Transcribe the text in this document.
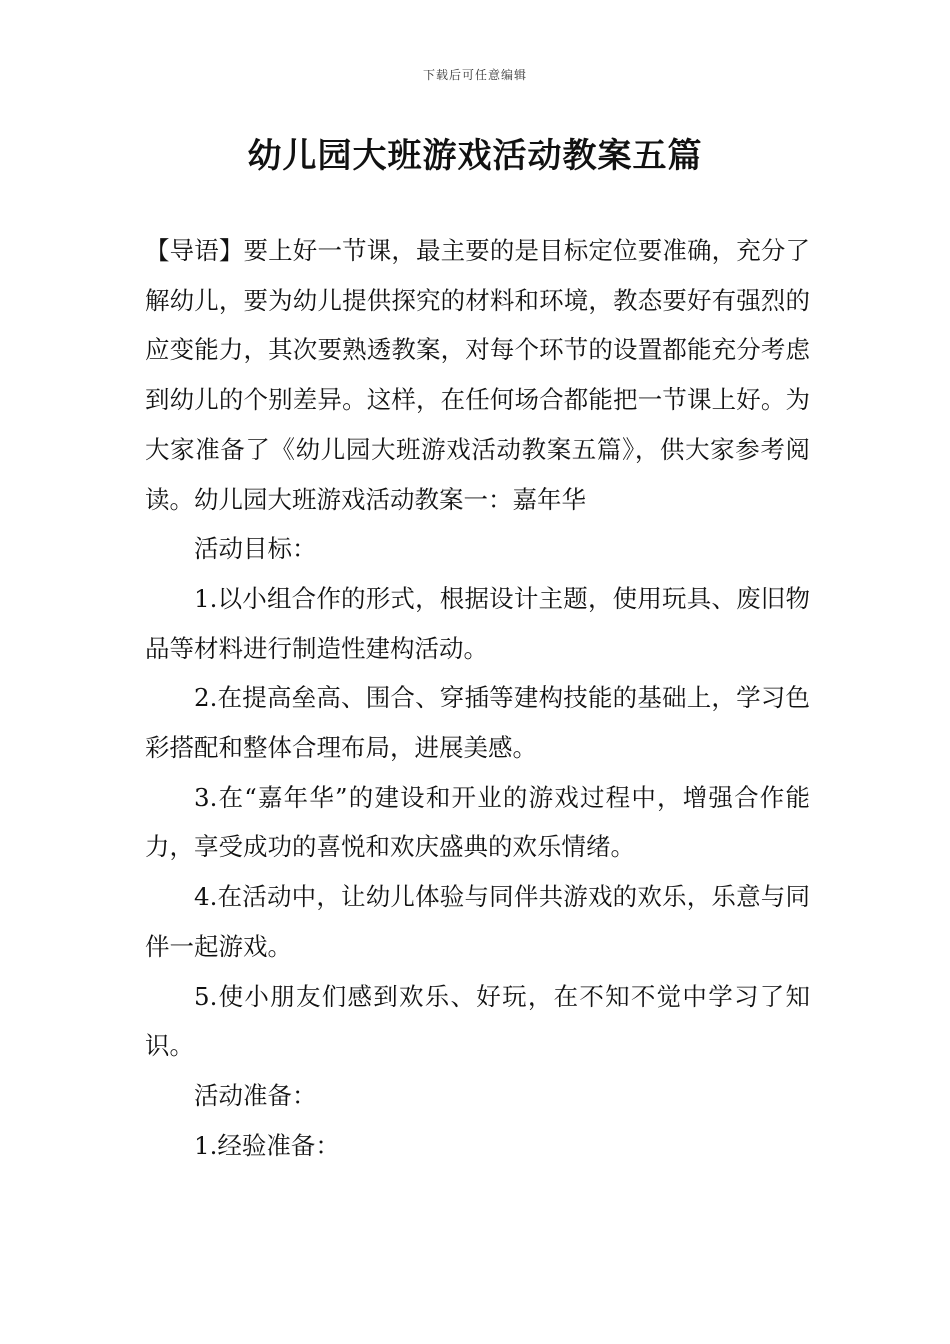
下载后可任意编辑
幼儿园大班游戏活动教案五篇

【导语】要上好一节课，最主要的是目标定位要准确，充分了解幼儿，要为幼儿提供探究的材料和环境，教态要好有强烈的应变能力，其次要熟透教案，对每个环节的设置都能充分考虑到幼儿的个别差异。这样，在任何场合都能把一节课上好。为大家准备了《幼儿园大班游戏活动教案五篇》，供大家参考阅读。幼儿园大班游戏活动教案一：嘉年华

活动目标：

1.以小组合作的形式，根据设计主题，使用玩具、废旧物品等材料进行制造性建构活动。

2.在提高垒高、围合、穿插等建构技能的基础上，学习色彩搭配和整体合理布局，进展美感。

3.在“嘉年华”的建设和开业的游戏过程中，增强合作能力，享受成功的喜悦和欢庆盛典的欢乐情绪。

4.在活动中，让幼儿体验与同伴共游戏的欢乐，乐意与同伴一起游戏。

5.使小朋友们感到欢乐、好玩，在不知不觉中学习了知识。

活动准备：

1.经验准备：
